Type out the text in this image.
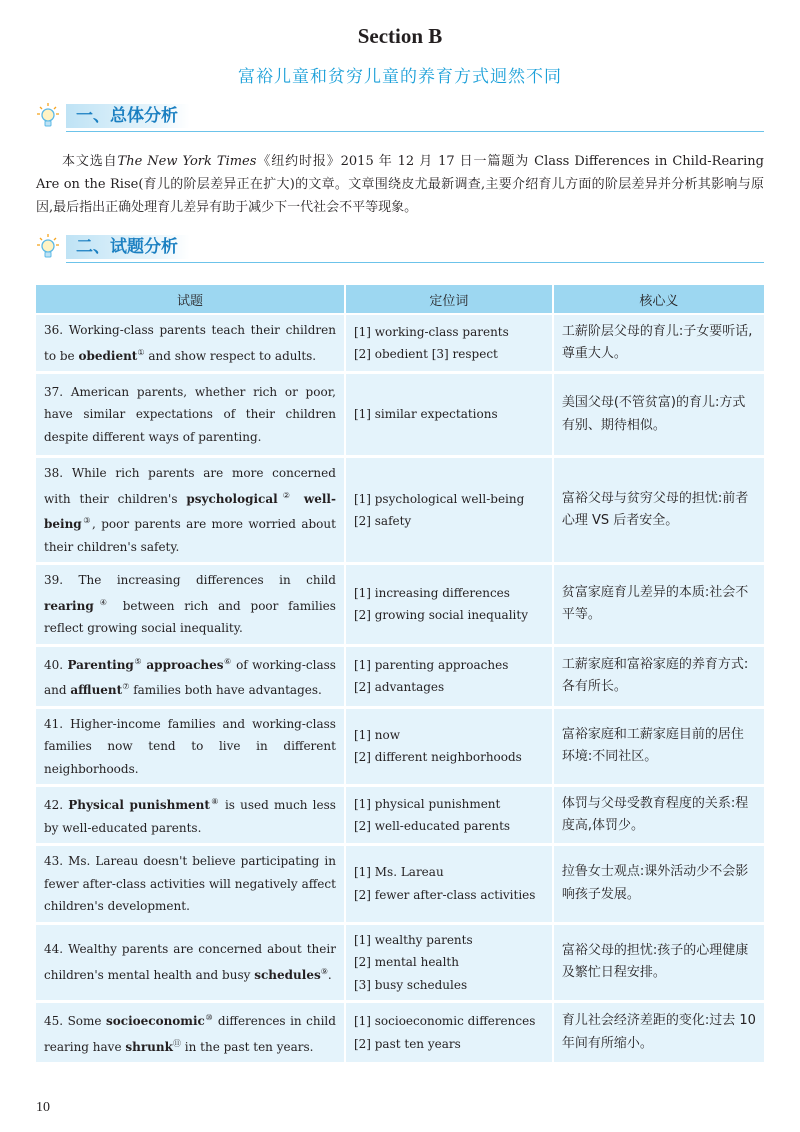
Section B
富裕儿童和贫穷儿童的养育方式迥然不同
一、总体分析

本文选自The New York Times《纽约时报》2015 年 12 月 17 日一篇题为 Class Differences in Child-Rearing Are on the Rise(育儿的阶层差异正在扩大)的文章。文章围绕皮尤最新调查,主要介绍育儿方面的阶层差异并分析其影响与原因,最后指出正确处理育儿差异有助于减少下一代社会不平等现象。

二、试题分析
试题	定位词	核心义
36. Working-class parents teach their children to be obedient① and show respect to adults.	[1] working-class parents
[2] obedient [3] respect	工薪阶层父母的育儿:子女要听话,尊重大人。
37. American parents, whether rich or poor, have similar expectations of their children despite different ways of parenting.	[1] similar expectations	美国父母(不管贫富)的育儿:方式有别、期待相似。
38. While rich parents are more concerned with their children's psychological② well-being③, poor parents are more worried about their children's safety.	[1] psychological well-being
[2] safety	富裕父母与贫穷父母的担忧:前者心理 VS 后者安全。
39. The increasing differences in child rearing④ between rich and poor families reflect growing social inequality.	[1] increasing differences
[2] growing social inequality	贫富家庭育儿差异的本质:社会不平等。
40. Parenting⑤ approaches⑥ of working-class and affluent⑦ families both have advantages.	[1] parenting approaches
[2] advantages	工薪家庭和富裕家庭的养育方式:各有所长。
41. Higher-income families and working-class families now tend to live in different neighborhoods.	[1] now
[2] different neighborhoods	富裕家庭和工薪家庭目前的居住环境:不同社区。
42. Physical punishment⑧ is used much less by well-educated parents.	[1] physical punishment
[2] well-educated parents	体罚与父母受教育程度的关系:程度高,体罚少。
43. Ms. Lareau doesn't believe participating in fewer after-class activities will negatively affect children's development.	[1] Ms. Lareau
[2] fewer after-class activities	拉鲁女士观点:课外活动少不会影响孩子发展。
44. Wealthy parents are concerned about their children's mental health and busy schedules⑨.	[1] wealthy parents
[2] mental health
[3] busy schedules	富裕父母的担忧:孩子的心理健康及繁忙日程安排。
45. Some socioeconomic⑩ differences in child rearing have shrunk⑪ in the past ten years.	[1] socioeconomic differences
[2] past ten years	育儿社会经济差距的变化:过去 10 年间有所缩小。
10
